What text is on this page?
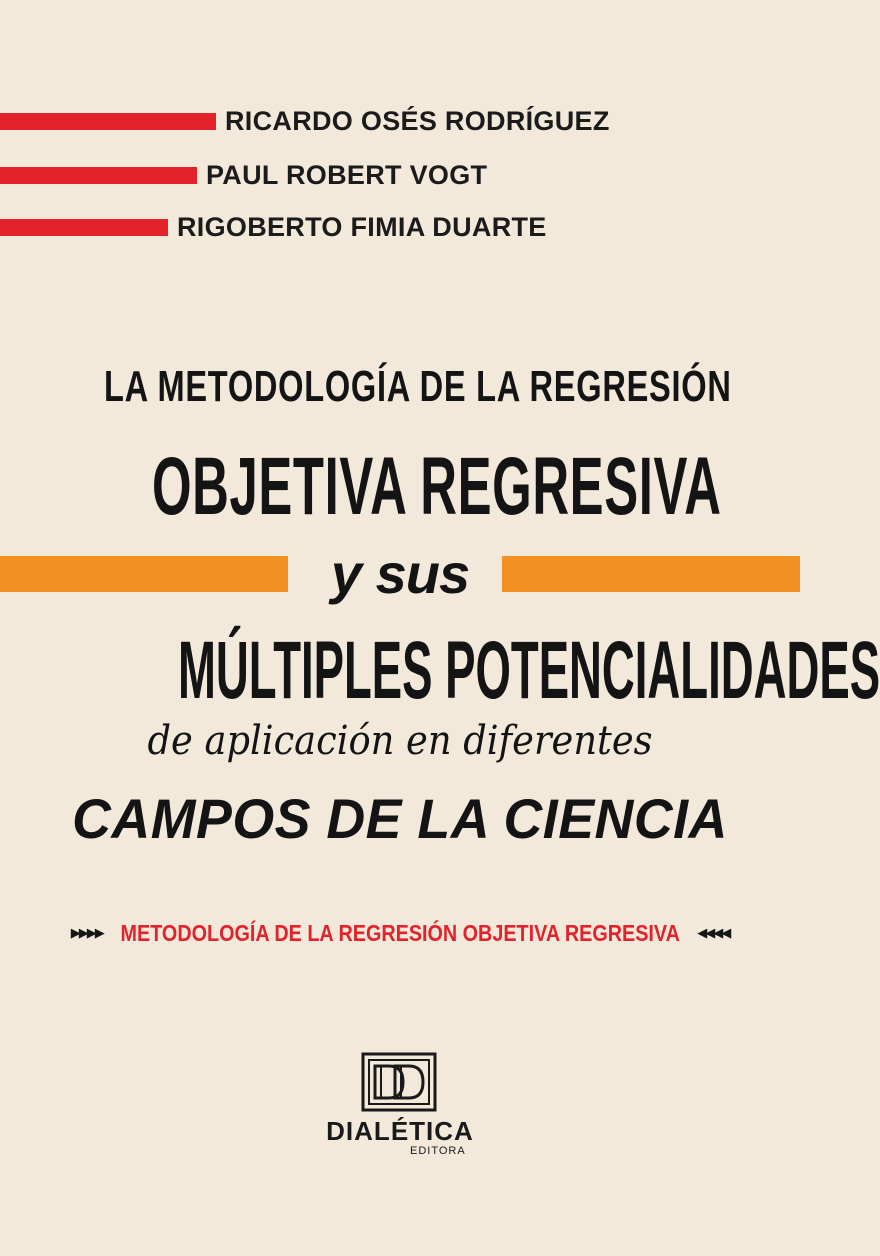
RICARDO OSÉS RODRÍGUEZ
PAUL ROBERT VOGT
RIGOBERTO FIMIA DUARTE
LA METODOLOGÍA DE LA REGRESIÓN
OBJETIVA REGRESIVA
y sus
MÚLTIPLES POTENCIALIDADES
de aplicación en diferentes
CAMPOS DE LA CIENCIA
▶▶▶▶ METODOLOGÍA DE LA REGRESIÓN OBJETIVA REGRESIVA ◀◀◀◀
DIALÉTICA
EDITORA
